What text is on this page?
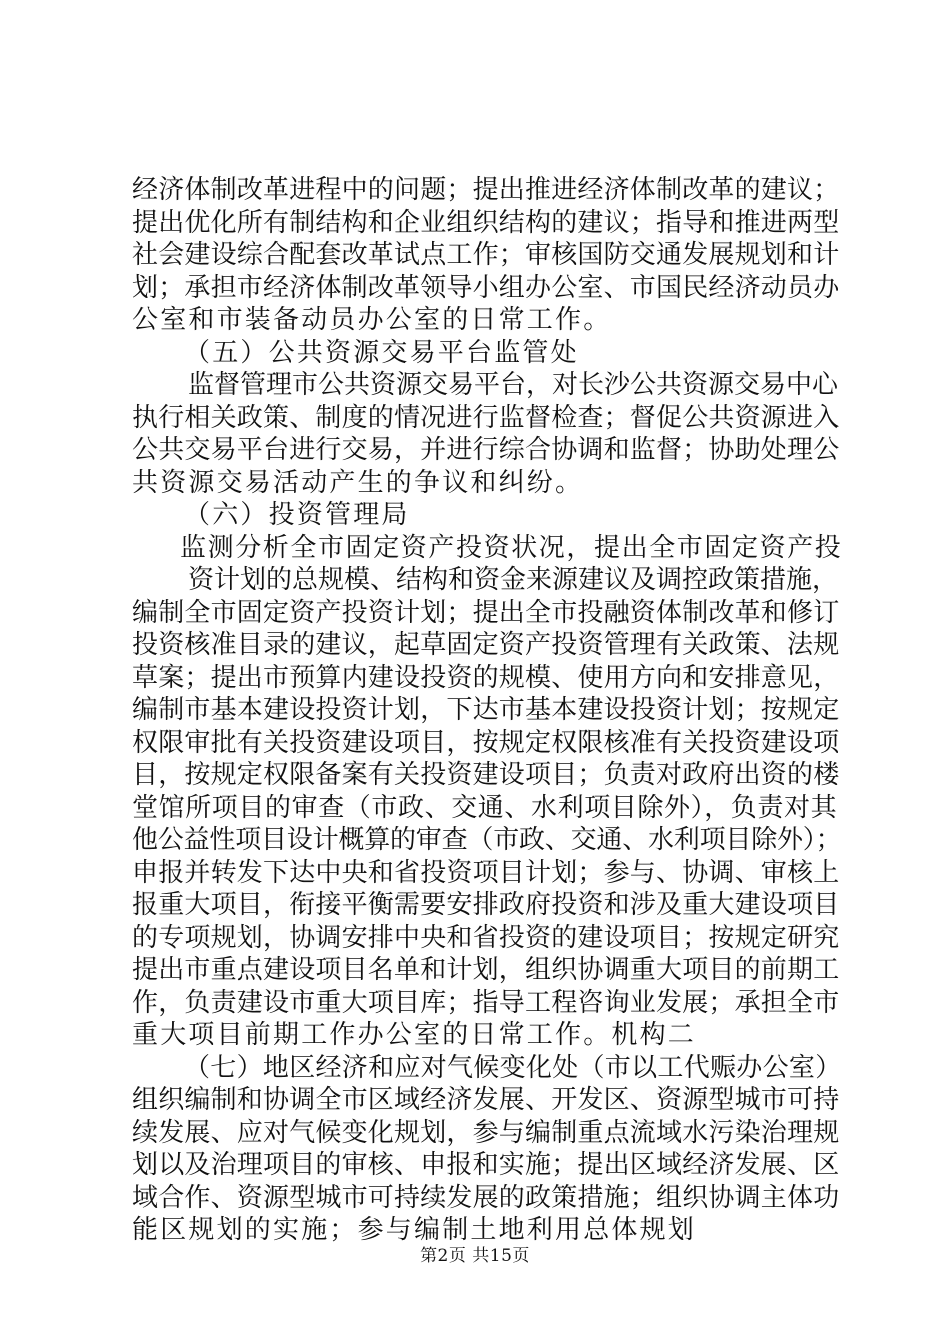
经济体制改革进程中的问题；提出推进经济体制改革的建议；
提出优化所有制结构和企业组织结构的建议；指导和推进两型
社会建设综合配套改革试点工作；审核国防交通发展规划和计
划；承担市经济体制改革领导小组办公室、市国民经济动员办
公室和市装备动员办公室的日常工作。
（五）公共资源交易平台监管处
监督管理市公共资源交易平台，对长沙公共资源交易中心
执行相关政策、制度的情况进行监督检查；督促公共资源进入
公共交易平台进行交易，并进行综合协调和监督；协助处理公
共资源交易活动产生的争议和纠纷。
（六）投资管理局
监测分析全市固定资产投资状况，提出全市固定资产投
资计划的总规模、结构和资金来源建议及调控政策措施，
编制全市固定资产投资计划；提出全市投融资体制改革和修订
投资核准目录的建议，起草固定资产投资管理有关政策、法规
草案；提出市预算内建设投资的规模、使用方向和安排意见，
编制市基本建设投资计划，下达市基本建设投资计划；按规定
权限审批有关投资建设项目，按规定权限核准有关投资建设项
目，按规定权限备案有关投资建设项目；负责对政府出资的楼
堂馆所项目的审查（市政、交通、水利项目除外），负责对其
他公益性项目设计概算的审查（市政、交通、水利项目除外）；
申报并转发下达中央和省投资项目计划；参与、协调、审核上
报重大项目，衔接平衡需要安排政府投资和涉及重大建设项目
的专项规划，协调安排中央和省投资的建设项目；按规定研究
提出市重点建设项目名单和计划，组织协调重大项目的前期工
作，负责建设市重大项目库；指导工程咨询业发展；承担全市
重大项目前期工作办公室的日常工作。机构二
（七）地区经济和应对气候变化处（市以工代赈办公室）
组织编制和协调全市区域经济发展、开发区、资源型城市可持
续发展、应对气候变化规划，参与编制重点流域水污染治理规
划以及治理项目的审核、申报和实施；提出区域经济发展、区
域合作、资源型城市可持续发展的政策措施；组织协调主体功
能区规划的实施；参与编制土地利用总体规划
第2页 共15页
